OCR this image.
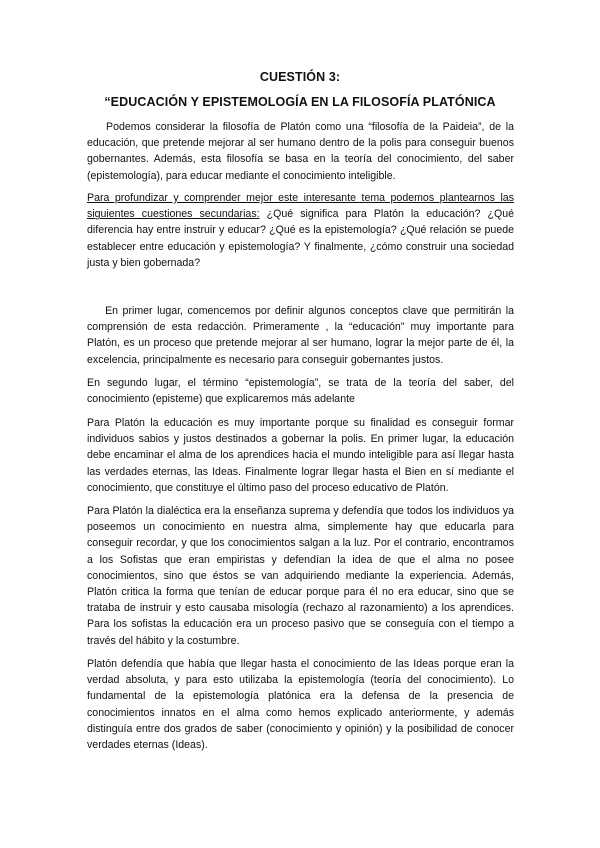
CUESTIÓN 3:
“EDUCACIÓN Y EPISTEMOLOGÍA EN LA FILOSOFÍA PLATÓNICA

Podemos considerar la filosofía de Platón como una “filosofía de la Paideia”, de la educación, que pretende mejorar al ser humano dentro de la polis para conseguir buenos gobernantes. Además, esta filosofía se basa en la teoría del conocimiento, del saber (epistemología), para educar mediante el conocimiento inteligible.

Para profundizar y comprender mejor este interesante tema podemos plantearnos las siguientes cuestiones secundarias: ¿Qué significa para Platón la educación? ¿Qué diferencia hay entre instruir y educar? ¿Qué es la epistemología? ¿Qué relación se puede establecer entre educación y epistemología? Y finalmente, ¿cómo construir una sociedad justa y bien gobernada?

En primer lugar, comencemos por definir algunos conceptos clave que permitirán la comprensión de esta redacción. Primeramente , la “educación” muy importante para Platón, es un proceso que pretende mejorar al ser humano, lograr la mejor parte de él, la excelencia, principalmente es necesario para conseguir gobernantes justos.

En segundo lugar, el término “epistemología”, se trata de la teoría del saber, del conocimiento (episteme) que explicaremos más adelante

Para Platón la educación es muy importante porque su finalidad es conseguir formar individuos sabios y justos destinados a gobernar la polis. En primer lugar, la educación debe encaminar el alma de los aprendices hacia el mundo inteligible para así llegar hasta las verdades eternas, las Ideas. Finalmente lograr llegar hasta el Bien en sí mediante el conocimiento, que constituye el último paso del proceso educativo de Platón.

Para Platón la dialéctica era la enseñanza suprema y defendía que todos los individuos ya poseemos un conocimiento en nuestra alma, simplemente hay que educarla para conseguir recordar, y que los conocimientos salgan a la luz. Por el contrario, encontramos a los Sofistas que eran empiristas y defendían la idea de que el alma no posee conocimientos, sino que éstos se van adquiriendo mediante la experiencia. Además, Platón critica la forma que tenían de educar porque para él no era educar, sino que se trataba de instruir y esto causaba misología (rechazo al razonamiento) a los aprendices. Para los sofistas la educación era un proceso pasivo que se conseguía con el tiempo a través del hábito y la costumbre.

Platón defendía que había que llegar hasta el conocimiento de las Ideas porque eran la verdad absoluta, y para esto utilizaba la epistemología (teoría del conocimiento). Lo fundamental de la epistemología platónica era la defensa de la presencia de conocimientos innatos en el alma como hemos explicado anteriormente, y además distinguía entre dos grados de saber (conocimiento y opinión) y la posibilidad de conocer verdades eternas (Ideas).
